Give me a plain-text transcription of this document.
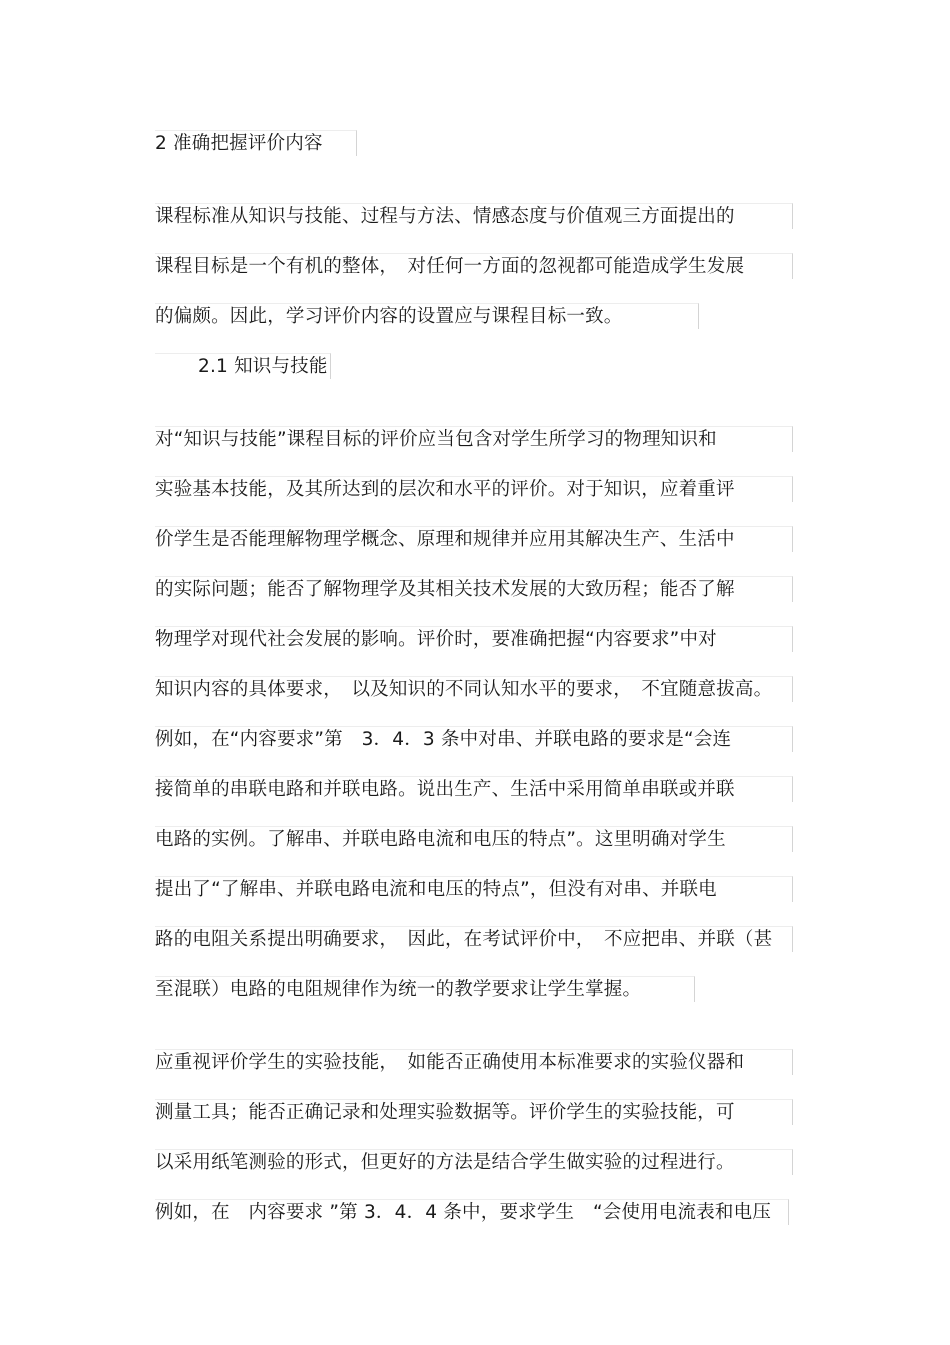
2 准确把握评价内容
课程标准从知识与技能、过程与方法、情感态度与价值观三方面提出的
课程目标是一个有机的整体，　对任何一方面的忽视都可能造成学生发展
的偏颇。因此，学习评价内容的设置应与课程目标一致。
2.1 知识与技能
对“知识与技能”课程目标的评价应当包含对学生所学习的物理知识和
实验基本技能，及其所达到的层次和水平的评价。对于知识，应着重评
价学生是否能理解物理学概念、原理和规律并应用其解决生产、生活中
的实际问题；能否了解物理学及其相关技术发展的大致历程；能否了解
物理学对现代社会发展的影响。评价时，要准确把握“内容要求”中对
知识内容的具体要求，　以及知识的不同认知水平的要求，　不宜随意拔高。
例如，在“内容要求”第　3．4．3 条中对串、并联电路的要求是“会连
接简单的串联电路和并联电路。说出生产、生活中采用简单串联或并联
电路的实例。了解串、并联电路电流和电压的特点”。这里明确对学生
提出了“了解串、并联电路电流和电压的特点”，但没有对串、并联电
路的电阻关系提出明确要求，　因此，在考试评价中，　不应把串、并联（甚
至混联）电路的电阻规律作为统一的教学要求让学生掌握。
应重视评价学生的实验技能，　如能否正确使用本标准要求的实验仪器和
测量工具；能否正确记录和处理实验数据等。评价学生的实验技能，可
以采用纸笔测验的形式，但更好的方法是结合学生做实验的过程进行。
例如，在　内容要求 ”第 3．4．4 条中，要求学生　“会使用电流表和电压
